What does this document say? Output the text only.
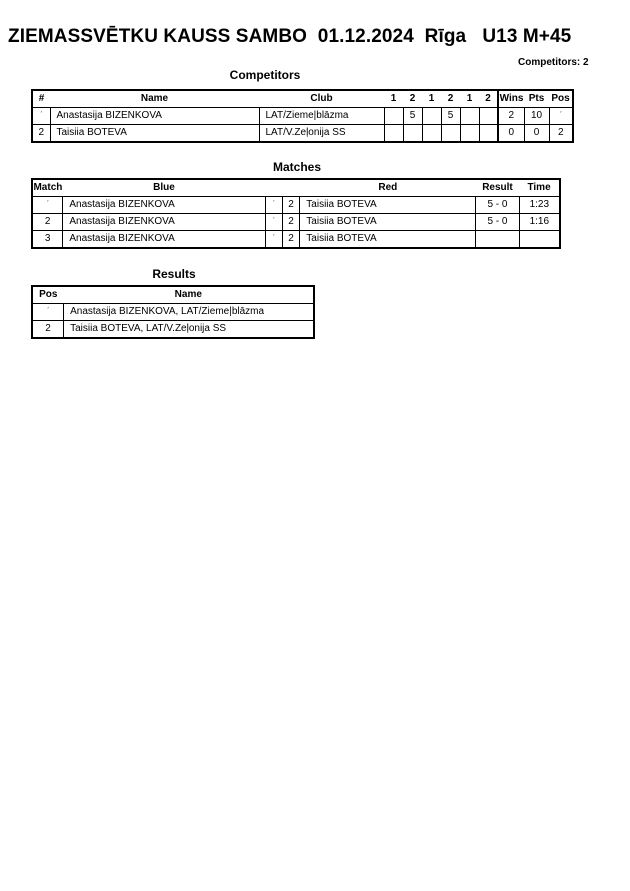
ZIEMASSVĒTKU KAUSS SAMBO  01.12.2024  Rīga   U13 M+45
Competitors: 2
Competitors
#	Name	Club	1	2	1	2	1	2	Wins	Pts	Pos
ˊ	Anastasija BIZENKOVA	LAT/Zieme|blāzma		5		5			2	10	ˊ
2	Taisiia BOTEVA	LAT/V.Zeļonija SS							0	0	2
Matches
Match	Blue			Red	Result	Time
ˊ	Anastasija BIZENKOVA	ˊ	2	Taisiia BOTEVA	5 - 0	1:23
2	Anastasija BIZENKOVA	ˊ	2	Taisiia BOTEVA	5 - 0	1:16
3	Anastasija BIZENKOVA	ˊ	2	Taisiia BOTEVA		
Results
Pos	Name
ˊ	Anastasija BIZENKOVA, LAT/Zieme|blāzma
2	Taisiia BOTEVA, LAT/V.Zeļonija SS
